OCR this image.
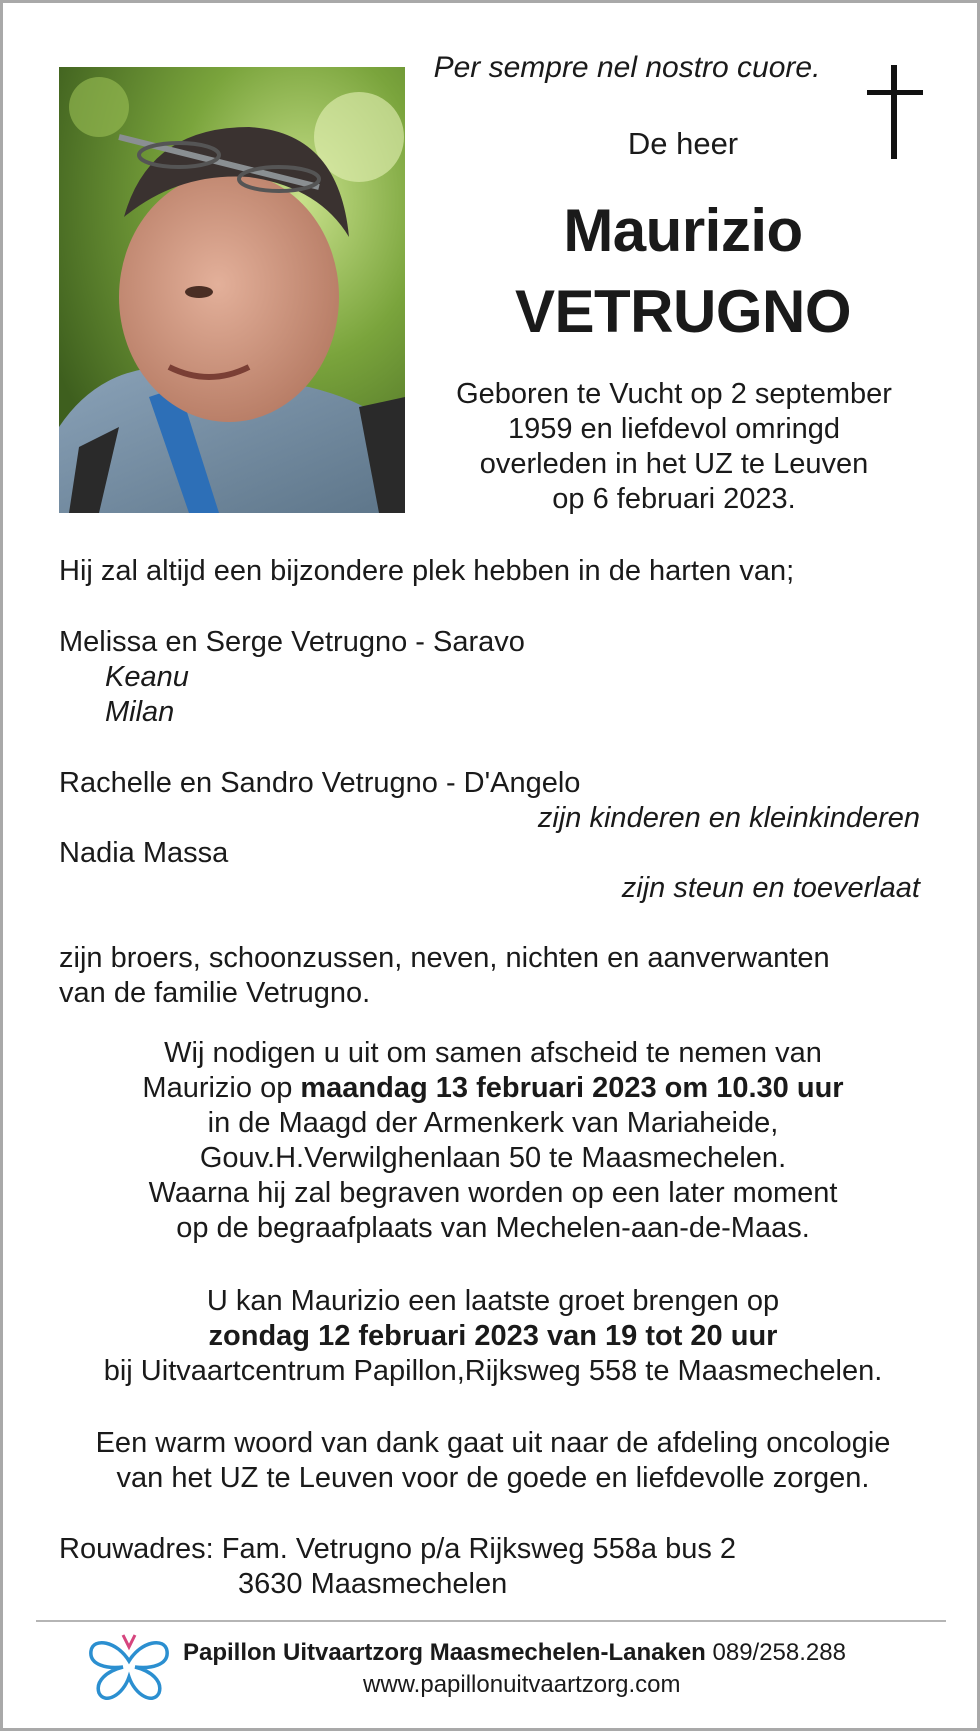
Per sempre nel nostro cuore.
De heer
Maurizio
VETRUGNO
Geboren te Vucht op 2 september
1959 en liefdevol omringd
overleden in het UZ te Leuven
op 6 februari 2023.
Hij zal altijd een bijzondere plek hebben in de harten van;
Melissa en Serge Vetrugno - Saravo
Keanu
Milan
Rachelle en Sandro Vetrugno - D'Angelo
zijn kinderen en kleinkinderen
Nadia Massa
zijn steun en toeverlaat
zijn broers, schoonzussen, neven, nichten en aanverwanten
van de familie Vetrugno.
Wij nodigen u uit om samen afscheid te nemen van
Maurizio op maandag 13 februari 2023 om 10.30 uur
in de Maagd der Armenkerk van Mariaheide,
Gouv.H.Verwilghenlaan 50 te Maasmechelen.
Waarna hij zal begraven worden op een later moment
op de begraafplaats van Mechelen-aan-de-Maas.
U kan Maurizio een laatste groet brengen op
zondag 12 februari 2023 van 19 tot 20 uur
bij Uitvaartcentrum Papillon,Rijksweg 558 te Maasmechelen.
Een warm woord van dank gaat uit naar de afdeling oncologie
van het UZ te Leuven voor de goede en liefdevolle zorgen.
Rouwadres: Fam. Vetrugno p/a Rijksweg 558a bus 2
3630 Maasmechelen
Papillon Uitvaartzorg Maasmechelen-Lanaken 089/258.288
www.papillonuitvaartzorg.com
